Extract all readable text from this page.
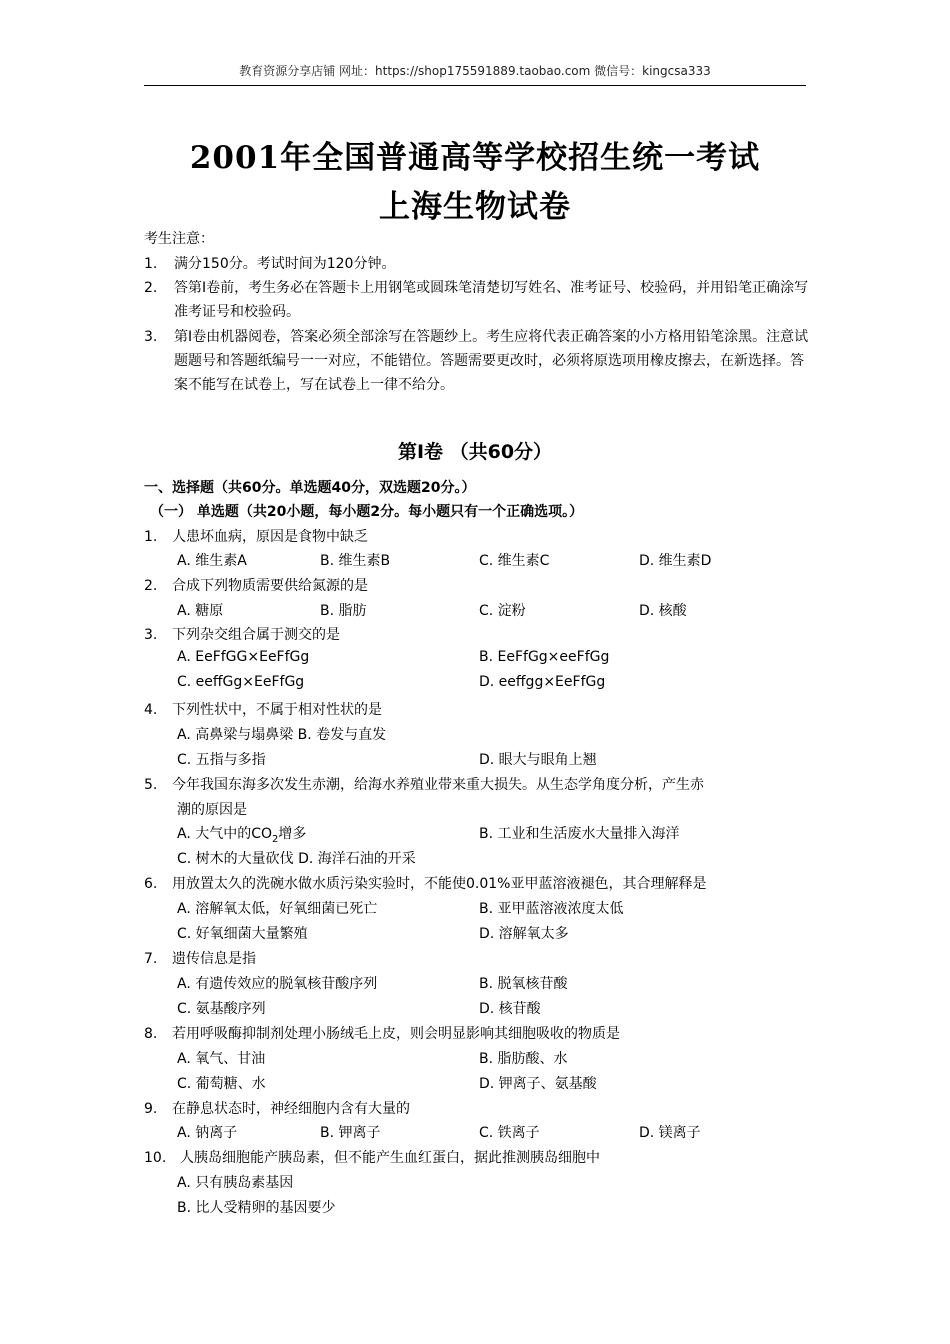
教育资源分享店铺 网址：https://shop175591889.taobao.com 微信号：kingcsa333
2001年全国普通高等学校招生统一考试
上海生物试卷
考生注意：
1. 满分150分。考试时间为120分钟。
2. 答第Ⅰ卷前，考生务必在答题卡上用钢笔或圆珠笔清楚切写姓名、准考证号、校验码，并用铅笔正确涂写准考证号和校验码。
3. 第Ⅰ卷由机器阅卷，答案必须全部涂写在答题纱上。考生应将代表正确答案的小方格用铅笔涂黑。注意试题题号和答题纸编号一一对应，不能错位。答题需要更改时，必须将原选项用橡皮擦去，在新选择。答案不能写在试卷上，写在试卷上一律不给分。
第Ⅰ卷 （共60分）
一、选择题（共60分。单选题40分，双选题20分。）
（一） 单选题（共20小题，每小题2分。每小题只有一个正确选项。）
1. 人患坏血病，原因是食物中缺乏
A. 维生素A	B. 维生素B	C. 维生素C	D. 维生素D
2. 合成下列物质需要供给氮源的是
A. 糖原	B. 脂肪	C. 淀粉	D. 核酸
3. 下列杂交组合属于测交的是
A. EeFfGG×EeFfGg	B. EeFfGg×eeFfGg
C. eeffGg×EeFfGg	D. eeffgg×EeFfGg
4. 下列性状中，不属于相对性状的是
A. 高鼻梁与塌鼻梁 B. 卷发与直发
C. 五指与多指	D. 眼大与眼角上翘
5. 今年我国东海多次发生赤潮，给海水养殖业带来重大损失。从生态学角度分析，产生赤
潮的原因是
A. 大气中的$CO_2$增多	B. 工业和生活废水大量排入海洋
C. 树木的大量砍伐 D. 海洋石油的开采
6. 用放置太久的洗碗水做水质污染实验时，不能使0.01%亚甲蓝溶液褪色，其合理解释是
A. 溶解氧太低，好氧细菌已死亡	B. 亚甲蓝溶液浓度太低
C. 好氧细菌大量繁殖	D. 溶解氧太多
7. 遗传信息是指
A. 有遗传效应的脱氧核苷酸序列	B. 脱氧核苷酸
C. 氨基酸序列	D. 核苷酸
8. 若用呼吸酶抑制剂处理小肠绒毛上皮，则会明显影响其细胞吸收的物质是
A. 氧气、甘油	B. 脂肪酸、水
C. 葡萄糖、水	D. 钾离子、氨基酸
9. 在静息状态时，神经细胞内含有大量的
A. 钠离子	B. 钾离子	C. 铁离子	D. 镁离子
10. 人胰岛细胞能产胰岛素，但不能产生血红蛋白，据此推测胰岛细胞中
A. 只有胰岛素基因
B. 比人受精卵的基因要少
